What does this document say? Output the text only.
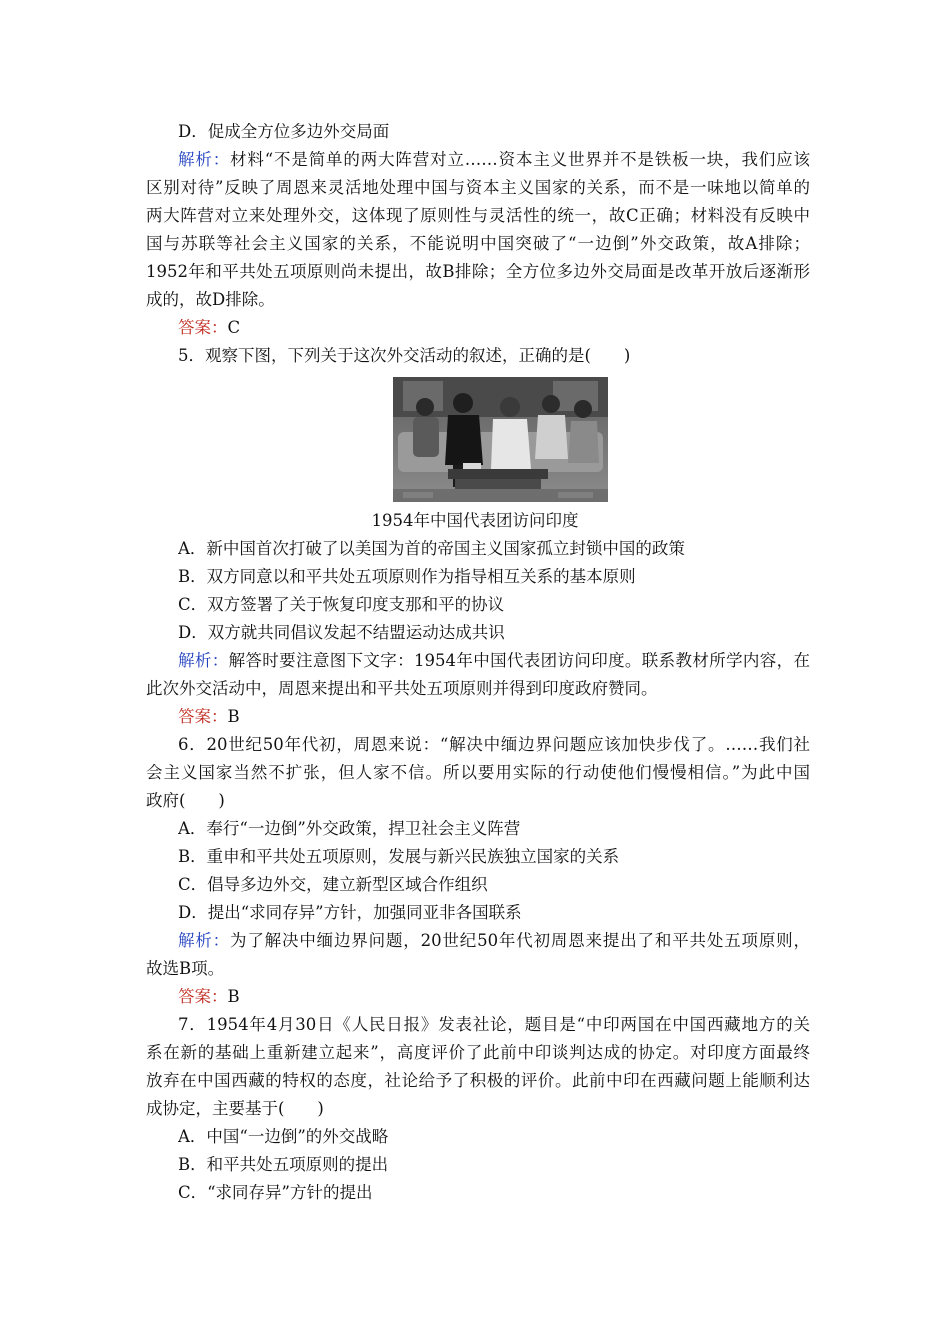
D．促成全方位多边外交局面
解析：材料“不是简单的两大阵营对立……资本主义世界并不是铁板一块，我们应该
区别对待”反映了周恩来灵活地处理中国与资本主义国家的关系，而不是一味地以简单的
两大阵营对立来处理外交，这体现了原则性与灵活性的统一，故C正确；材料没有反映中
国与苏联等社会主义国家的关系，不能说明中国突破了“一边倒”外交政策，故A排除；
1952年和平共处五项原则尚未提出，故B排除；全方位多边外交局面是改革开放后逐渐形
成的，故D排除。
答案：C
5．观察下图，下列关于这次外交活动的叙述，正确的是(　　)
1954年中国代表团访问印度
A．新中国首次打破了以美国为首的帝国主义国家孤立封锁中国的政策
B．双方同意以和平共处五项原则作为指导相互关系的基本原则
C．双方签署了关于恢复印度支那和平的协议
D．双方就共同倡议发起不结盟运动达成共识
解析：解答时要注意图下文字：1954年中国代表团访问印度。联系教材所学内容，在
此次外交活动中，周恩来提出和平共处五项原则并得到印度政府赞同。
答案：B
6．20世纪50年代初，周恩来说：“解决中缅边界问题应该加快步伐了。……我们社
会主义国家当然不扩张，但人家不信。所以要用实际的行动使他们慢慢相信。”为此中国
政府(　　)
A．奉行“一边倒”外交政策，捍卫社会主义阵营
B．重申和平共处五项原则，发展与新兴民族独立国家的关系
C．倡导多边外交，建立新型区域合作组织
D．提出“求同存异”方针，加强同亚非各国联系
解析：为了解决中缅边界问题，20世纪50年代初周恩来提出了和平共处五项原则，
故选B项。
答案：B
7．1954年4月30日《人民日报》发表社论，题目是“中印两国在中国西藏地方的关
系在新的基础上重新建立起来”，高度评价了此前中印谈判达成的协定。对印度方面最终
放弃在中国西藏的特权的态度，社论给予了积极的评价。此前中印在西藏问题上能顺利达
成协定，主要基于(　　)
A．中国“一边倒”的外交战略
B．和平共处五项原则的提出
C．“求同存异”方针的提出
